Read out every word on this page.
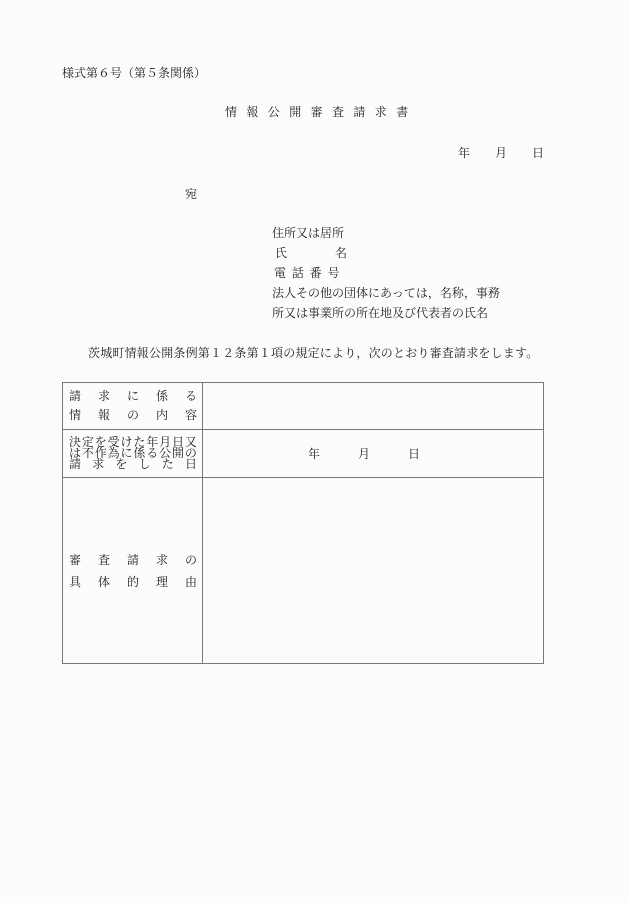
様式第６号（第５条関係）
情報公開審査請求書
年 月 日
宛
住所又は居所
氏	名
電 話 番 号
法人その他の団体にあっては，名称，事務
所又は事業所の所在地及び代表者の氏名
茨城町情報公開条例第１２条第１項の規定により，次のとおり審査請求をします。
請 求 に 係 る
情 報 の 内 容

決 定 を 受 け た 年 月 日 又
は 不 作 為 に 係 る 公 開 の
請 求 を し た 日

年	月	日

審 査 請 求 の
具 体 的 理 由
